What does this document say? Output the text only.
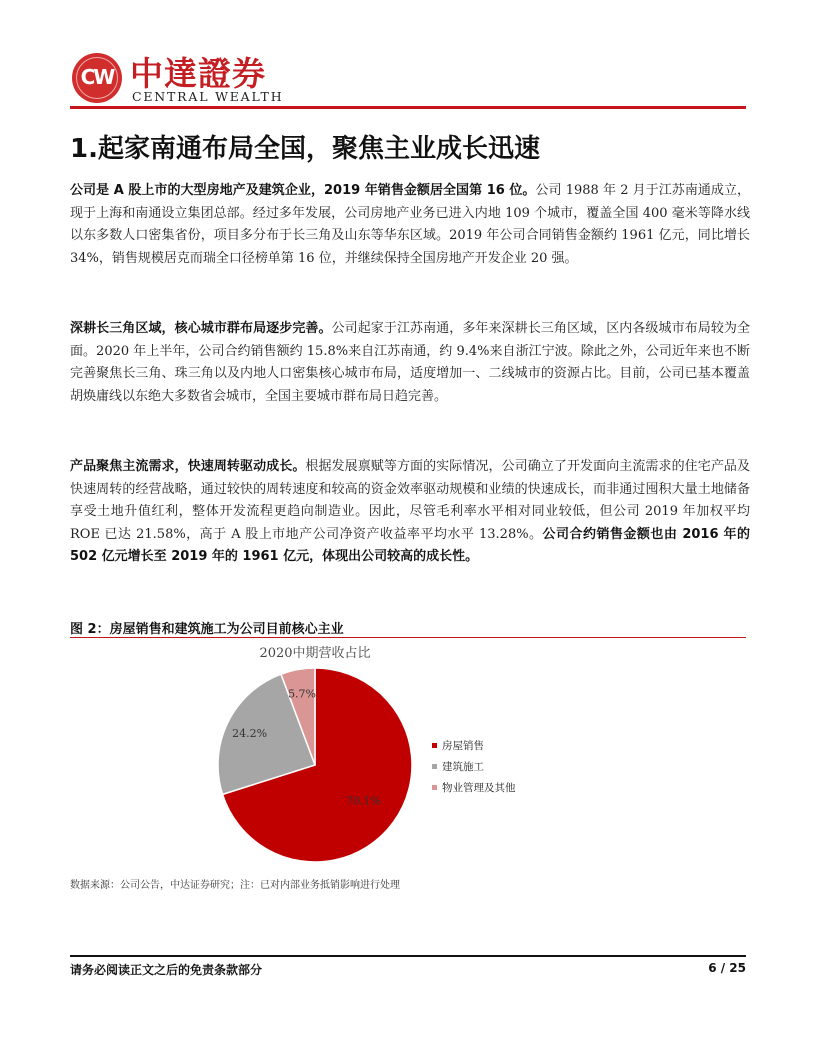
CW 中達證券
CENTRAL WEALTH
1.起家南通布局全国，聚焦主业成长迅速
公司是 A 股上市的大型房地产及建筑企业，2019 年销售金额居全国第 16 位。公司 1988 年 2 月于江苏南通成立，现于上海和南通设立集团总部。经过多年发展，公司房地产业务已进入内地 109 个城市，覆盖全国 400 毫米等降水线以东多数人口密集省份，项目多分布于长三角及山东等华东区域。2019 年公司合同销售金额约 1961 亿元，同比增长 34%，销售规模居克而瑞全口径榜单第 16 位，并继续保持全国房地产开发企业 20 强。
深耕长三角区域，核心城市群布局逐步完善。公司起家于江苏南通，多年来深耕长三角区域，区内各级城市布局较为全面。2020 年上半年，公司合约销售额约 15.8%来自江苏南通，约 9.4%来自浙江宁波。除此之外，公司近年来也不断完善聚焦长三角、珠三角以及内地人口密集核心城市布局，适度增加一、二线城市的资源占比。目前，公司已基本覆盖胡焕庸线以东绝大多数省会城市，全国主要城市群布局日趋完善。
产品聚焦主流需求，快速周转驱动成长。根据发展禀赋等方面的实际情况，公司确立了开发面向主流需求的住宅产品及快速周转的经营战略，通过较快的周转速度和较高的资金效率驱动规模和业绩的快速成长，而非通过囤积大量土地储备享受土地升值红利，整体开发流程更趋向制造业。因此，尽管毛利率水平相对同业较低，但公司 2019 年加权平均 ROE 已达 21.58%，高于 A 股上市地产公司净资产收益率平均水平 13.28%。公司合约销售金额也由 2016 年的 502 亿元增长至 2019 年的 1961 亿元，体现出公司较高的成长性。
图 2：房屋销售和建筑施工为公司目前核心主业
2020中期营收占比
70.1%
24.2%
5.7%
房屋销售
建筑施工
物业管理及其他
数据来源：公司公告，中达证券研究；注：已对内部业务抵销影响进行处理
请务必阅读正文之后的免责条款部分	6 / 25
